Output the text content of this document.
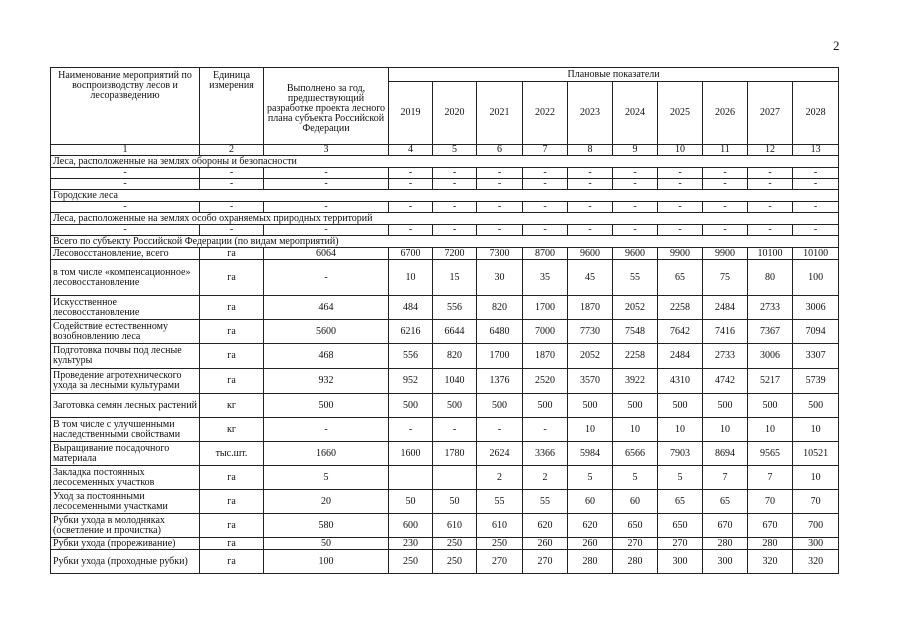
2
Наименование мероприятий по воспроизводству лесов и лесоразведению	Единица измерения	Выполнено за год, предшествующий разработке проекта лесного плана субъекта Российской Федерации	Плановые показатели									
			2019	2020	2021	2022	2023	2024	2025	2026	2027	2028
1	2	3	4	5	6	7	8	9	10	11	12	13
Леса, расположенные на землях обороны и безопасности												
-	-	-	-	-	-	-	-	-	-	-	-	-
-	-	-	-	-	-	-	-	-	-	-	-	-
Городские леса												
-	-	-	-	-	-	-	-	-	-	-	-	-
Леса, расположенные на землях особо охраняемых природных территорий												
-	-	-	-	-	-	-	-	-	-	-	-	-
Всего по субъекту Российской Федерации (по видам мероприятий)												
Лесовосстановление, всего	га	6064	6700	7200	7300	8700	9600	9600	9900	9900	10100	10100
в том числе «компенсационное» лесовосстановление	га	-	10	15	30	35	45	55	65	75	80	100
Искусственное лесовосстановление	га	464	484	556	820	1700	1870	2052	2258	2484	2733	3006
Содействие естественному возобновлению леса	га	5600	6216	6644	6480	7000	7730	7548	7642	7416	7367	7094
Подготовка почвы под лесные культуры	га	468	556	820	1700	1870	2052	2258	2484	2733	3006	3307
Проведение агротехнического ухода за лесными культурами	га	932	952	1040	1376	2520	3570	3922	4310	4742	5217	5739
Заготовка семян лесных растений	кг	500	500	500	500	500	500	500	500	500	500	500
В том числе с улучшенными наследственными свойствами	кг	-	-	-	-	-	10	10	10	10	10	10
Выращивание посадочного материала	тыс.шт.	1660	1600	1780	2624	3366	5984	6566	7903	8694	9565	10521
Закладка постоянных лесосеменных участков	га	5			2	2	5	5	5	7	7	10
Уход за постоянными лесосеменными участками	га	20	50	50	55	55	60	60	65	65	70	70
Рубки ухода в молодняках (осветление и прочистка)	га	580	600	610	610	620	620	650	650	670	670	700
Рубки ухода (прореживание)	га	50	230	250	250	260	260	270	270	280	280	300
Рубки ухода (проходные рубки)	га	100	250	250	270	270	280	280	300	300	320	320
